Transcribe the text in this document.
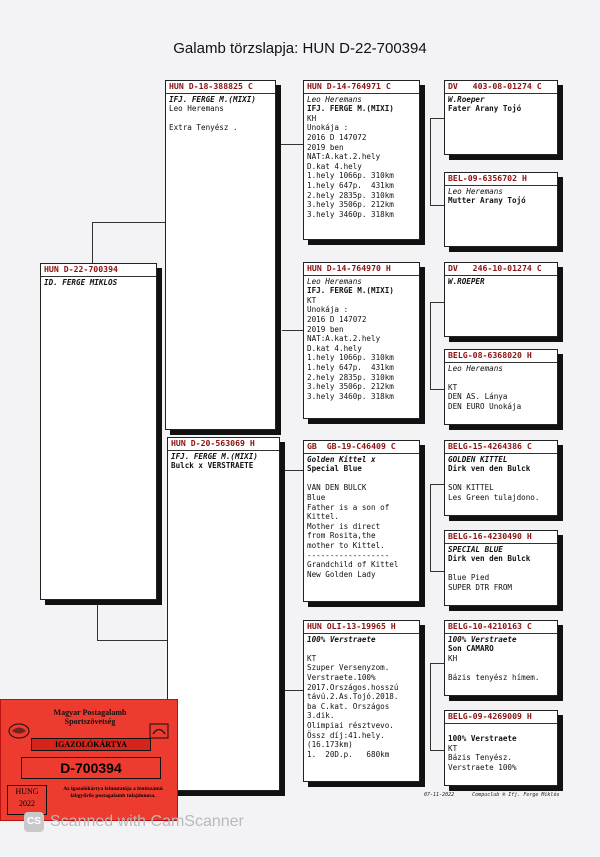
Galamb törzslapja: HUN D-22-700394
HUN D-22-700394
ID. FERGE MIKLOS
HUN D-18-388825 C
IFJ. FERGE M.(MIXI)
Leo Heremans
Extra Tenyész .
HUN D-20-563069 H
IFJ. FERGE M.(MIXI)
Bulck x VERSTRAETE
HUN D-14-764971 C
Leo Heremans
IFJ. FERGE M.(MIXI)
KH
Unokája :
2016 D 147072
2019 ben
NAT:A.kat.2.hely
D.kat 4.hely
1.hely 1066p. 310km
1.hely 647p.  431km
2.hely 2835p. 310km
3.hely 3506p. 212km
3.hely 3460p. 318km
HUN D-14-764970 H
Leo Heremans
IFJ. FERGE M.(MIXI)
KT
Unokája :
2016 D 147072
2019 ben
NAT:A.kat.2.hely
D.kat 4.hely
1.hely 1066p. 310km
1.hely 647p.  431km
2.hely 2835p. 310km
3.hely 3506p. 212km
3.hely 3460p. 318km
GB  GB-19-C46409 C
Golden Kittel x
Special Blue
VAN DEN BULCK
Blue
Father is a son of
Kittel.
Mother is direct
from Rosita,the
mother to Kittel.
------------------
Grandchild of Kittel
New Golden Lady
HUN OLI-13-19965 H
100% Verstraete
KT
Szuper Versenyzom.
Verstraete.100%
2017.Országos.hosszú
távú.2.As.Tojó.2018.
ba C.kat. Országos
3.dik.
Olimpiai résztvevo.
Össz díj:41.hely.
(16.173km)
1.  20D.p.   680km
DV   403-08-01274 C
W.Roeper
Fater Arany Tojó
BEL-09-6356702 H
Leo Heremans
Mutter Arany Tojó
DV   246-10-01274 C
W.ROEPER
BELG-08-6368020 H
Leo Heremans
KT
DEN AS. Lánya
DEN EURO Unokája
BELG-15-4264386 C
GOLDEN KITTEL
Dirk ven den Bulck
SON KITTEL
Les Green tulajdono.
BELG-16-4230490 H
SPECIAL BLUE
Dirk ven den Bulck
Blue Pied
SUPER DTR FROM
BELG-10-4210163 C
100% Verstraete
Son CAMARO
KH
Bázis tenyész hímem.
BELG-09-4269009 H
100% Verstraete
KT
Bázis Tenyész.
Verstraete 100%
Magyar Postagalamb Sportszövetség
IGAZOLÓKÁRTYA
D-700394
HUNG
2022
Az igazolókártya felmutatója a fentiszámú lábgyűrűs postagalamb tulajdonosa.	07-11-2022      Compuclub ® Ifj. Ferge Miklós
CS Scanned with CamScanner
